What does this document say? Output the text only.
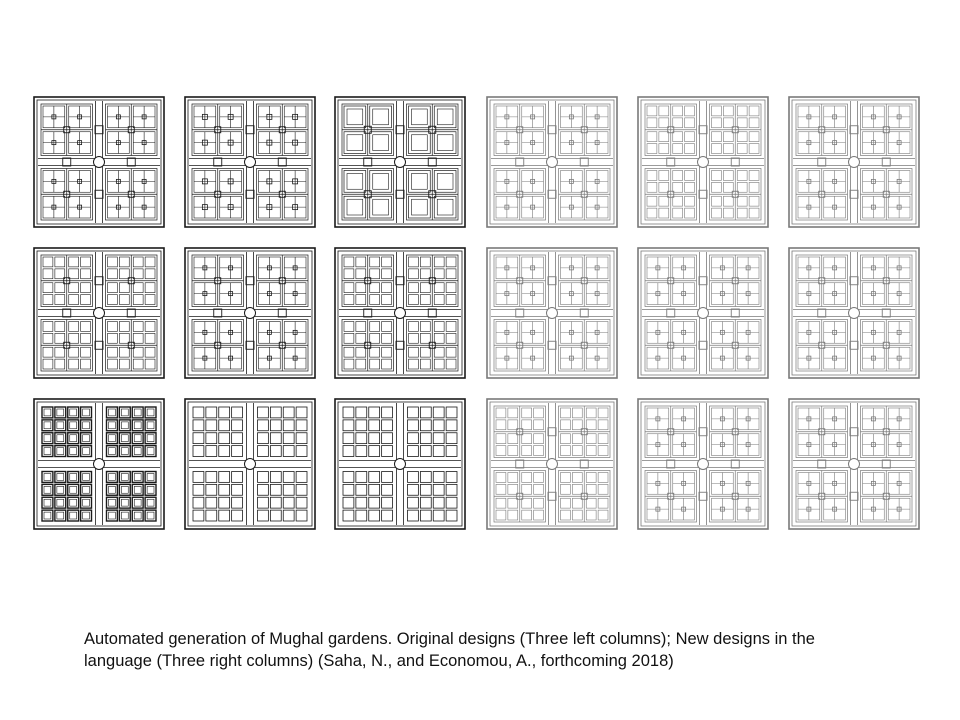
Automated generation of Mughal gardens. Original designs (Three left columns); New designs in the
language (Three right columns) (Saha, N., and Economou, A., forthcoming 2018)
